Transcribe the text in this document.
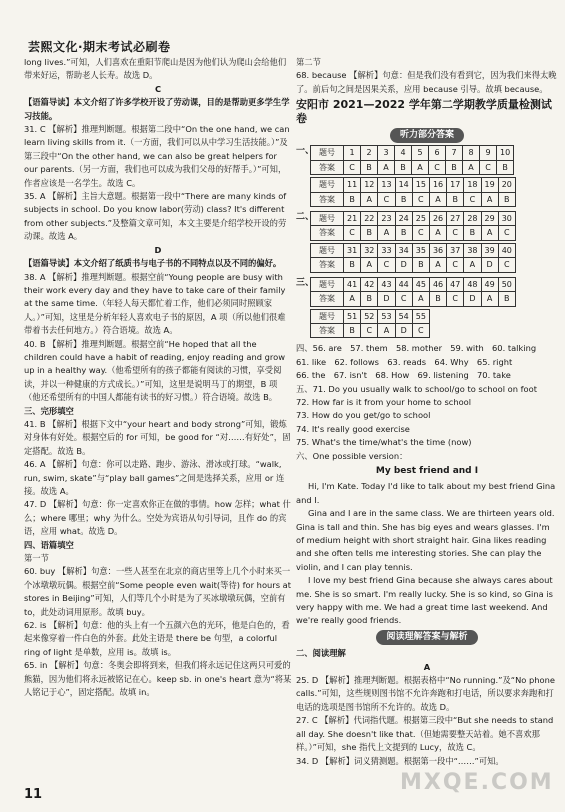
芸熙文化·期末考试必刷卷

long lives.”可知，人们喜欢在重阳节爬山是因为他们认为爬山会给他们带来好运，帮助老人长寿。故选 D。

C

【语篇导读】本文介绍了许多学校开设了劳动课，目的是帮助更多学生学习技能。

31. C 【解析】推理判断题。根据第二段中“On the one hand, we can learn living skills from it.（一方面，我们可以从中学习生活技能。）”及第三段中“On the other hand, we can also be great helpers for our parents.（另一方面，我们也可以成为我们父母的好帮手。）”可知，作者应该是一名学生。故选 C。

35. A 【解析】主旨大意题。根据第一段中“There are many kinds of subjects in school. Do you know labor(劳动) class? It's different from other subjects.”及整篇文章可知，本文主要是介绍学校开设的劳动课。故选 A。

D

【语篇导读】本文介绍了纸质书与电子书的不同特点以及不同的偏好。

38. A 【解析】推理判断题。根据空前“Young people are busy with their work every day and they have to take care of their family at the same time.（年轻人每天都忙着工作，他们必须同时照顾家人。）”可知，这里是分析年轻人喜欢电子书的原因，A 项（所以他们很难带着书去任何地方。）符合语境。故选 A。

40. B 【解析】推理判断题。根据空前“He hoped that all the children could have a habit of reading, enjoy reading and grow up in a healthy way.（他希望所有的孩子都能有阅读的习惯，享受阅读，并以一种健康的方式成长。）”可知，这里是说明马丁的期望，B 项（他还希望所有的中国人都能有读书的好习惯。）符合语境。故选 B。

三、完形填空

41. B 【解析】根据下文中“your heart and body strong”可知，锻炼对身体有好处。根据空后的 for 可知，be good for “对……有好处”，固定搭配。故选 B。

46. A 【解析】句意：你可以走路、跑步、游泳、滑冰或打球。“walk, run, swim, skate”与“play ball games”之间是选择关系，应用 or 连接。故选 A。

47. D 【解析】句意：你一定喜欢你正在做的事情。how 怎样；what 什么；where 哪里；why 为什么。空处为宾语从句引导词，且作 do 的宾语，应用 what。故选 D。

四、语篇填空

第一节

60. buy 【解析】句意：一些人甚至在北京的商店里等上几个小时来买一个冰墩墩玩偶。根据空前“Some people even wait(等待) for hours at stores in Beijing”可知，人们等几个小时是为了买冰墩墩玩偶，空前有 to，此处动词用原形。故填 buy。

62. is 【解析】句意：他的头上有一个五颜六色的光环，他是白色的，看起来像穿着一件白色的外套。此处主语是 there be 句型，a colorful ring of light 是单数，应用 is。故填 is。

65. in 【解析】句意：冬奥会即将到来，但我们将永远记住这两只可爱的熊猫，因为他们将永远被铭记在心。keep sb. in one's heart 意为“将某人铭记于心”，固定搭配。故填 in。

第二节

68. because 【解析】句意：但是我们没有看到它，因为我们来得太晚了。前后句之间是因果关系，应用 because 引导。故填 because。

安阳市 2021—2022 学年第二学期教学质量检测试卷
听力部分答案
一、 题号	1	2	3	4	5	6	7	8	9	10
答案	C	B	A	B	A	C	B	A	C	B
题号	11	12	13	14	15	16	17	18	19	20
答案	B	A	C	B	C	A	B	C	A	B
二、 题号	21	22	23	24	25	26	27	28	29	30
答案	C	B	A	B	C	A	C	B	A	C
题号	31	32	33	34	35	36	37	38	39	40
答案	B	A	C	D	B	A	C	A	D	C
三、 题号	41	42	43	44	45	46	47	48	49	50
答案	A	B	D	C	A	B	C	D	A	B
题号	51	52	53	54	55
答案	B	C	A	D	C

四、56. are　57. them　58. mother　59. with　60. talking

61. like　62. follows　63. reads　64. Why　65. right

66. the　67. isn't　68. How　69. listening　70. take

五、71. Do you usually walk to school/go to school on foot

72. How far is it from your home to school

73. How do you get/go to school

74. It's really good exercise

75. What's the time/what's the time (now)

六、One possible version：

My best friend and I

Hi, I'm Kate. Today I'd like to talk about my best friend Gina and I.

Gina and I are in the same class. We are thirteen years old. Gina is tall and thin. She has big eyes and wears glasses. I'm of medium height with short straight hair. Gina likes reading and she often tells me interesting stories. She can play the violin, and I can play tennis.

I love my best friend Gina because she always cares about me. She is so smart. I'm really lucky. She is so kind, so Gina is very happy with me. We had a great time last weekend. And we're really good friends.

阅读理解答案与解析

二、阅读理解

A

25. D 【解析】推理判断题。根据表格中“No running.”及“No phone calls.”可知，这些规则图书馆不允许奔跑和打电话，所以要求奔跑和打电话的选项是图书馆所不允许的。故选 D。

27. C 【解析】代词指代题。根据第三段中“But she needs to stand all day. She doesn't like that.（但她需要整天站着。她不喜欢那样。）”可知，she 指代上文提到的 Lucy，故选 C。

34. D 【解析】词义猜测题。根据第一段中“……”可知。

11	MXQE.COM
